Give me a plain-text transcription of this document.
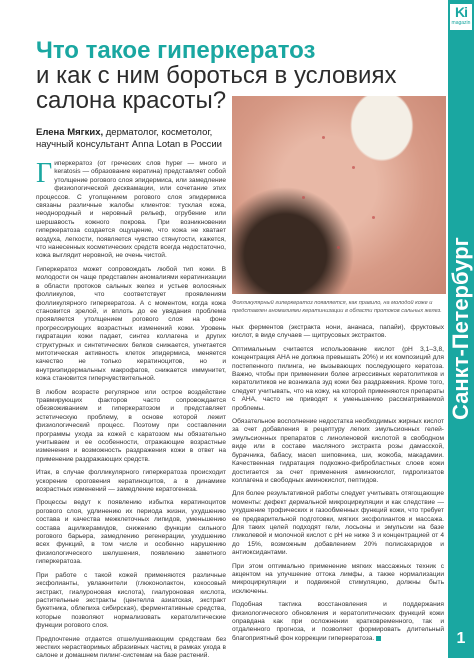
Ki
magazin
Санкт-Петербург
1
Что такое гиперкератоз
и как с ним бороться в условиях салона красоты?
Елена Мягких, дерматолог, косметолог, научный консультант Anna Lotan в России

Гиперкератоз (от греческих слов hyper — много и keratosis — образование кератина) представляет собой утолщение рогового слоя эпидермиса, или замедление физиологической десквамации, или сочетание этих процессов. С утолщением рогового слоя эпидермиса связаны различные жалобы клиентов: тусклая кожа, неоднородный и неровный рельеф, огрубение или шершавость кожного покрова. При возникновении гиперкератоза создается ощущение, что кожа не хватает воздуха, легкости, появляется чувство стянутости, кажется, что нанесенных косметических средств всегда недостаточно, кожа выглядит неровной, не очень чистой.

Гиперкератоз может сопровождать любой тип кожи. В молодости он чаще представлен аномалиями кератинизации в области протоков сальных желез и устьев волосяных фолликулов, что соответствует проявлениям фолликулярного гиперкератоза. А с моментом, когда кожа становится зрелой, и вплоть до ее увядания проблема проявляется утолщением рогового слоя на фоне прогрессирующих возрастных изменений кожи. Уровень гидратации кожи падает, синтез коллагена и других структурных и синтетических белков снижается, угнетается митотическая активность клеток эпидермиса, меняется качество не только кератиноцитов, но и внутриэпидермальных макрофагов, снижается иммунитет, кожа становится гиперчувствительной.

В любом возрасте регулярное или острое воздействие травмирующих факторов часто сопровождается обезвоживанием и гиперкератозом и представляет эстетическую проблему, в основе которой лежит физиологический процесс. Поэтому при составлении программы ухода за кожей с каратозом мы обязательно учитываем и ее особенности, отражающие возрастные изменения и возможность раздражения кожи в ответ на применение раздражающих средств.

Итак, в случае фолликулярного гиперкератоза происходит ускорение ороговения кератиноцитов, а в динамике возрастных изменений — замедление кератогенеза.

Процессы ведут к появлению избытка кератиноцитов рогового слоя, удлинению их периода жизни, ухудшению состава и качества межклеточных липидов, уменьшению состава ацилкерамидов, снижению функции сильного рогового барьера, замедлению регенерации, ухудшению всех функций, в том числе и особенно нарушению физиологического шелушения, появлению заметного гиперкератоза.

При работе с такой кожей применяются различные эксфолианты, увлажнители (глюконолактон, кокосовый экстракт, гиалуроновая кислота), гиалуроновая кислота, растительные экстракты (центелла азиатская, экстракт букетника, облепиха сибирская), ферментативные средства, которые позволяют нормализовать кератолитические функции рогового слоя.

Предпочтение отдается отшелушивающим средствам без жестких нерастворимых абразивных частиц в рамках ухода в салоне и домашнем пилинг-системам на базе растений.

Фолликулярный гиперкератоз появляется, как правило, на молодой коже и представлен аномалиями кератинизации в области протоков сальных желез.

ных ферментов (экстракта нони, ананаса, папайи), фруктовых кислот, в виде случаев — щитрусовых экстрактов.

Оптимальным считается использование кислот (pH 3,1–3,8, концентрация AHA не должна превышать 20%) и их композиций для постепенного пилинга, не вызывающих последующего кератоза. Важно, чтобы при применении более агрессивных кератолитиков и кератолитиков не возникала зуд кожи без раздражения. Кроме того, следует учитывать, что на кожу, на которой применяются препараты с AHA, часто не приводят к уменьшению рассматриваемой проблемы.

Обязательное восполнение недостатка необходимых жирных кислот за счет добавления в рецептуру легких эмульсионных гелей-эмульсионных препаратов с линоленовой кислотой в свободном виде или в составе масляного экстракта розы дамасской, бурачника, бабасу, масел шиповника, ши, жожоба, макадамии. Качественная гидратация подкожно-фибробластных слоев кожи достигается за счет применения аминокислот, гидролизатов коллагена и свободных аминокислот, пептидов.

Для более результативной работы следует учитывать отягощающие моменты: дефект дермальной микроциркуляции и как следствие — ухудшение трофических и газообменных функций кожи, что требует ее предварительной подготовки, мягких эксфолиантов и массажа. Для таких целей подходят гели, лосьоны и эмульсии на базе гликолевой и молочной кислот с pH не ниже 3 и концентрацией от 4 до 15%, возможным добавлением 20% полисахаридов и антиоксидантами.

При этом оптимально применение мягких массажных техник с акцентом на улучшение оттока лимфы, а также нормализации микроциркуляции и подвижной стимуляцию, должны быть исключены.

Подобная тактика восстановления и поддержания физиологического обновления и кератолитических функций кожи оправдана как при осложнении кратковременного, так и отдаленного прогноза, и позволяет формировать длительный благоприятный фон коррекции гиперкератоза.
